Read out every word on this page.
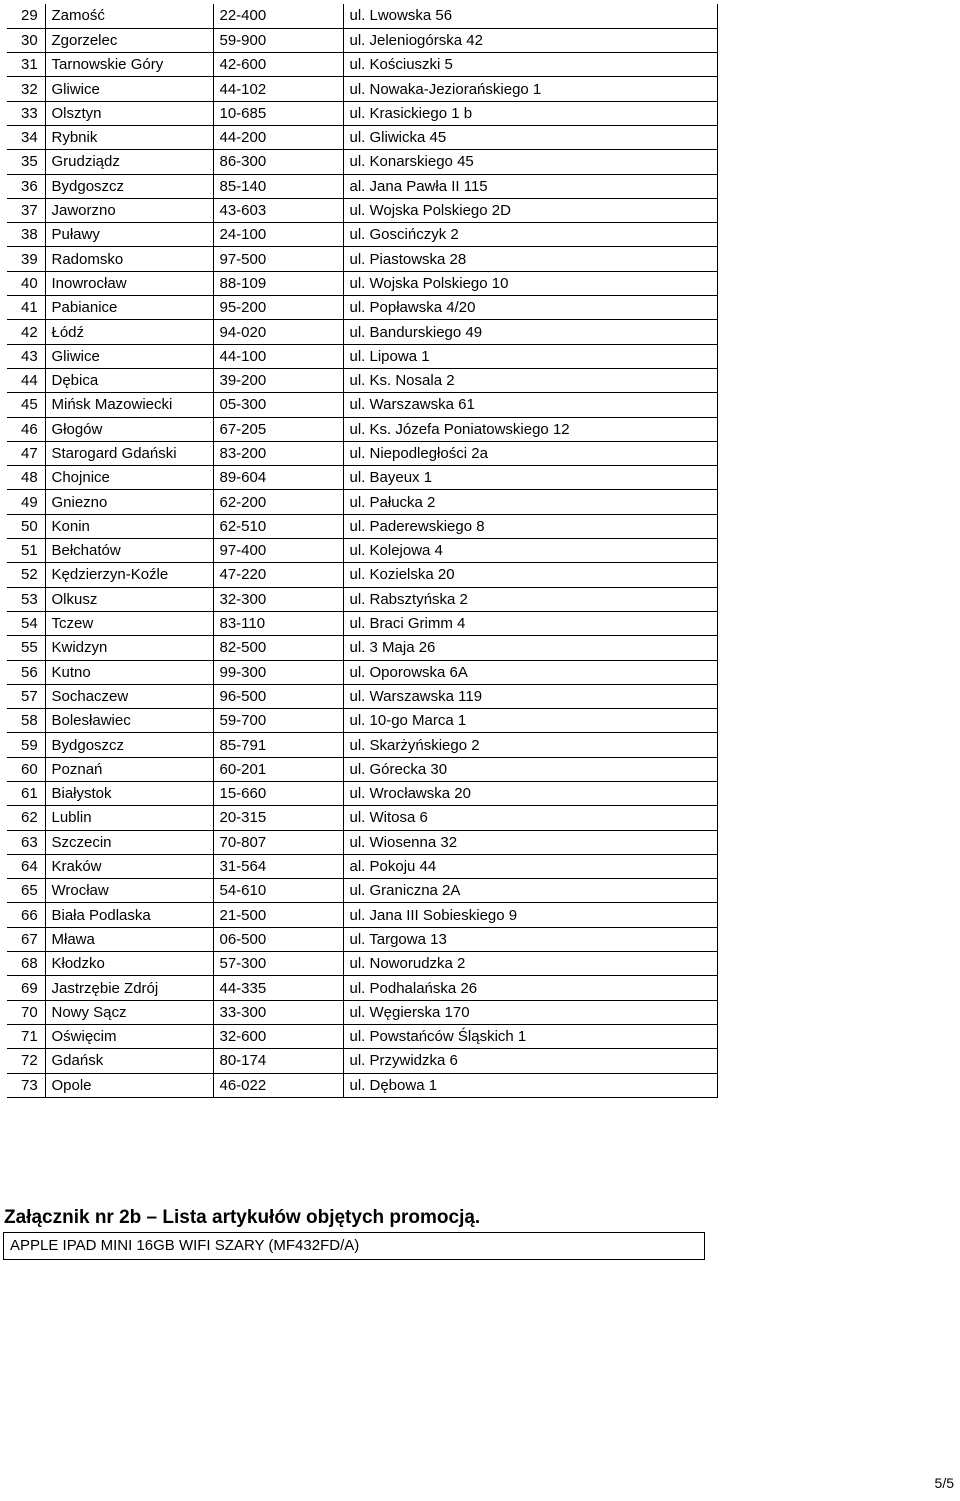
29	Zamość	22-400	ul. Lwowska 56
30	Zgorzelec	59-900	ul. Jeleniogórska 42
31	Tarnowskie Góry	42-600	ul. Kościuszki 5
32	Gliwice	44-102	ul. Nowaka-Jeziorańskiego 1
33	Olsztyn	10-685	ul. Krasickiego 1 b
34	Rybnik	44-200	ul. Gliwicka 45
35	Grudziądz	86-300	ul. Konarskiego 45
36	Bydgoszcz	85-140	al. Jana Pawła II 115
37	Jaworzno	43-603	ul. Wojska Polskiego 2D
38	Puławy	24-100	ul. Goscińczyk 2
39	Radomsko	97-500	ul. Piastowska 28
40	Inowrocław	88-109	ul. Wojska Polskiego 10
41	Pabianice	95-200	ul. Popławska 4/20
42	Łódź	94-020	ul. Bandurskiego 49
43	Gliwice	44-100	ul. Lipowa 1
44	Dębica	39-200	ul. Ks. Nosala 2
45	Mińsk Mazowiecki	05-300	ul. Warszawska 61
46	Głogów	67-205	ul. Ks. Józefa Poniatowskiego 12
47	Starogard Gdański	83-200	ul. Niepodległości 2a
48	Chojnice	89-604	ul. Bayeux 1
49	Gniezno	62-200	ul. Pałucka 2
50	Konin	62-510	ul. Paderewskiego 8
51	Bełchatów	97-400	ul. Kolejowa 4
52	Kędzierzyn-Koźle	47-220	ul. Kozielska 20
53	Olkusz	32-300	ul. Rabsztyńska 2
54	Tczew	83-110	ul. Braci Grimm 4
55	Kwidzyn	82-500	ul. 3 Maja 26
56	Kutno	99-300	ul. Oporowska 6A
57	Sochaczew	96-500	ul. Warszawska 119
58	Bolesławiec	59-700	ul. 10-go Marca 1
59	Bydgoszcz	85-791	ul. Skarżyńskiego 2
60	Poznań	60-201	ul. Górecka 30
61	Białystok	15-660	ul. Wrocławska 20
62	Lublin	20-315	ul. Witosa 6
63	Szczecin	70-807	ul. Wiosenna 32
64	Kraków	31-564	al. Pokoju 44
65	Wrocław	54-610	ul. Graniczna 2A
66	Biała Podlaska	21-500	ul. Jana III Sobieskiego 9
67	Mława	06-500	ul. Targowa 13
68	Kłodzko	57-300	ul. Noworudzka 2
69	Jastrzębie Zdrój	44-335	ul. Podhalańska 26
70	Nowy Sącz	33-300	ul. Węgierska 170
71	Oświęcim	32-600	ul. Powstańców Śląskich 1
72	Gdańsk	80-174	ul. Przywidzka 6
73	Opole	46-022	ul. Dębowa 1
Załącznik nr 2b – Lista artykułów objętych promocją.
APPLE IPAD MINI 16GB WIFI SZARY (MF432FD/A)
5/5
